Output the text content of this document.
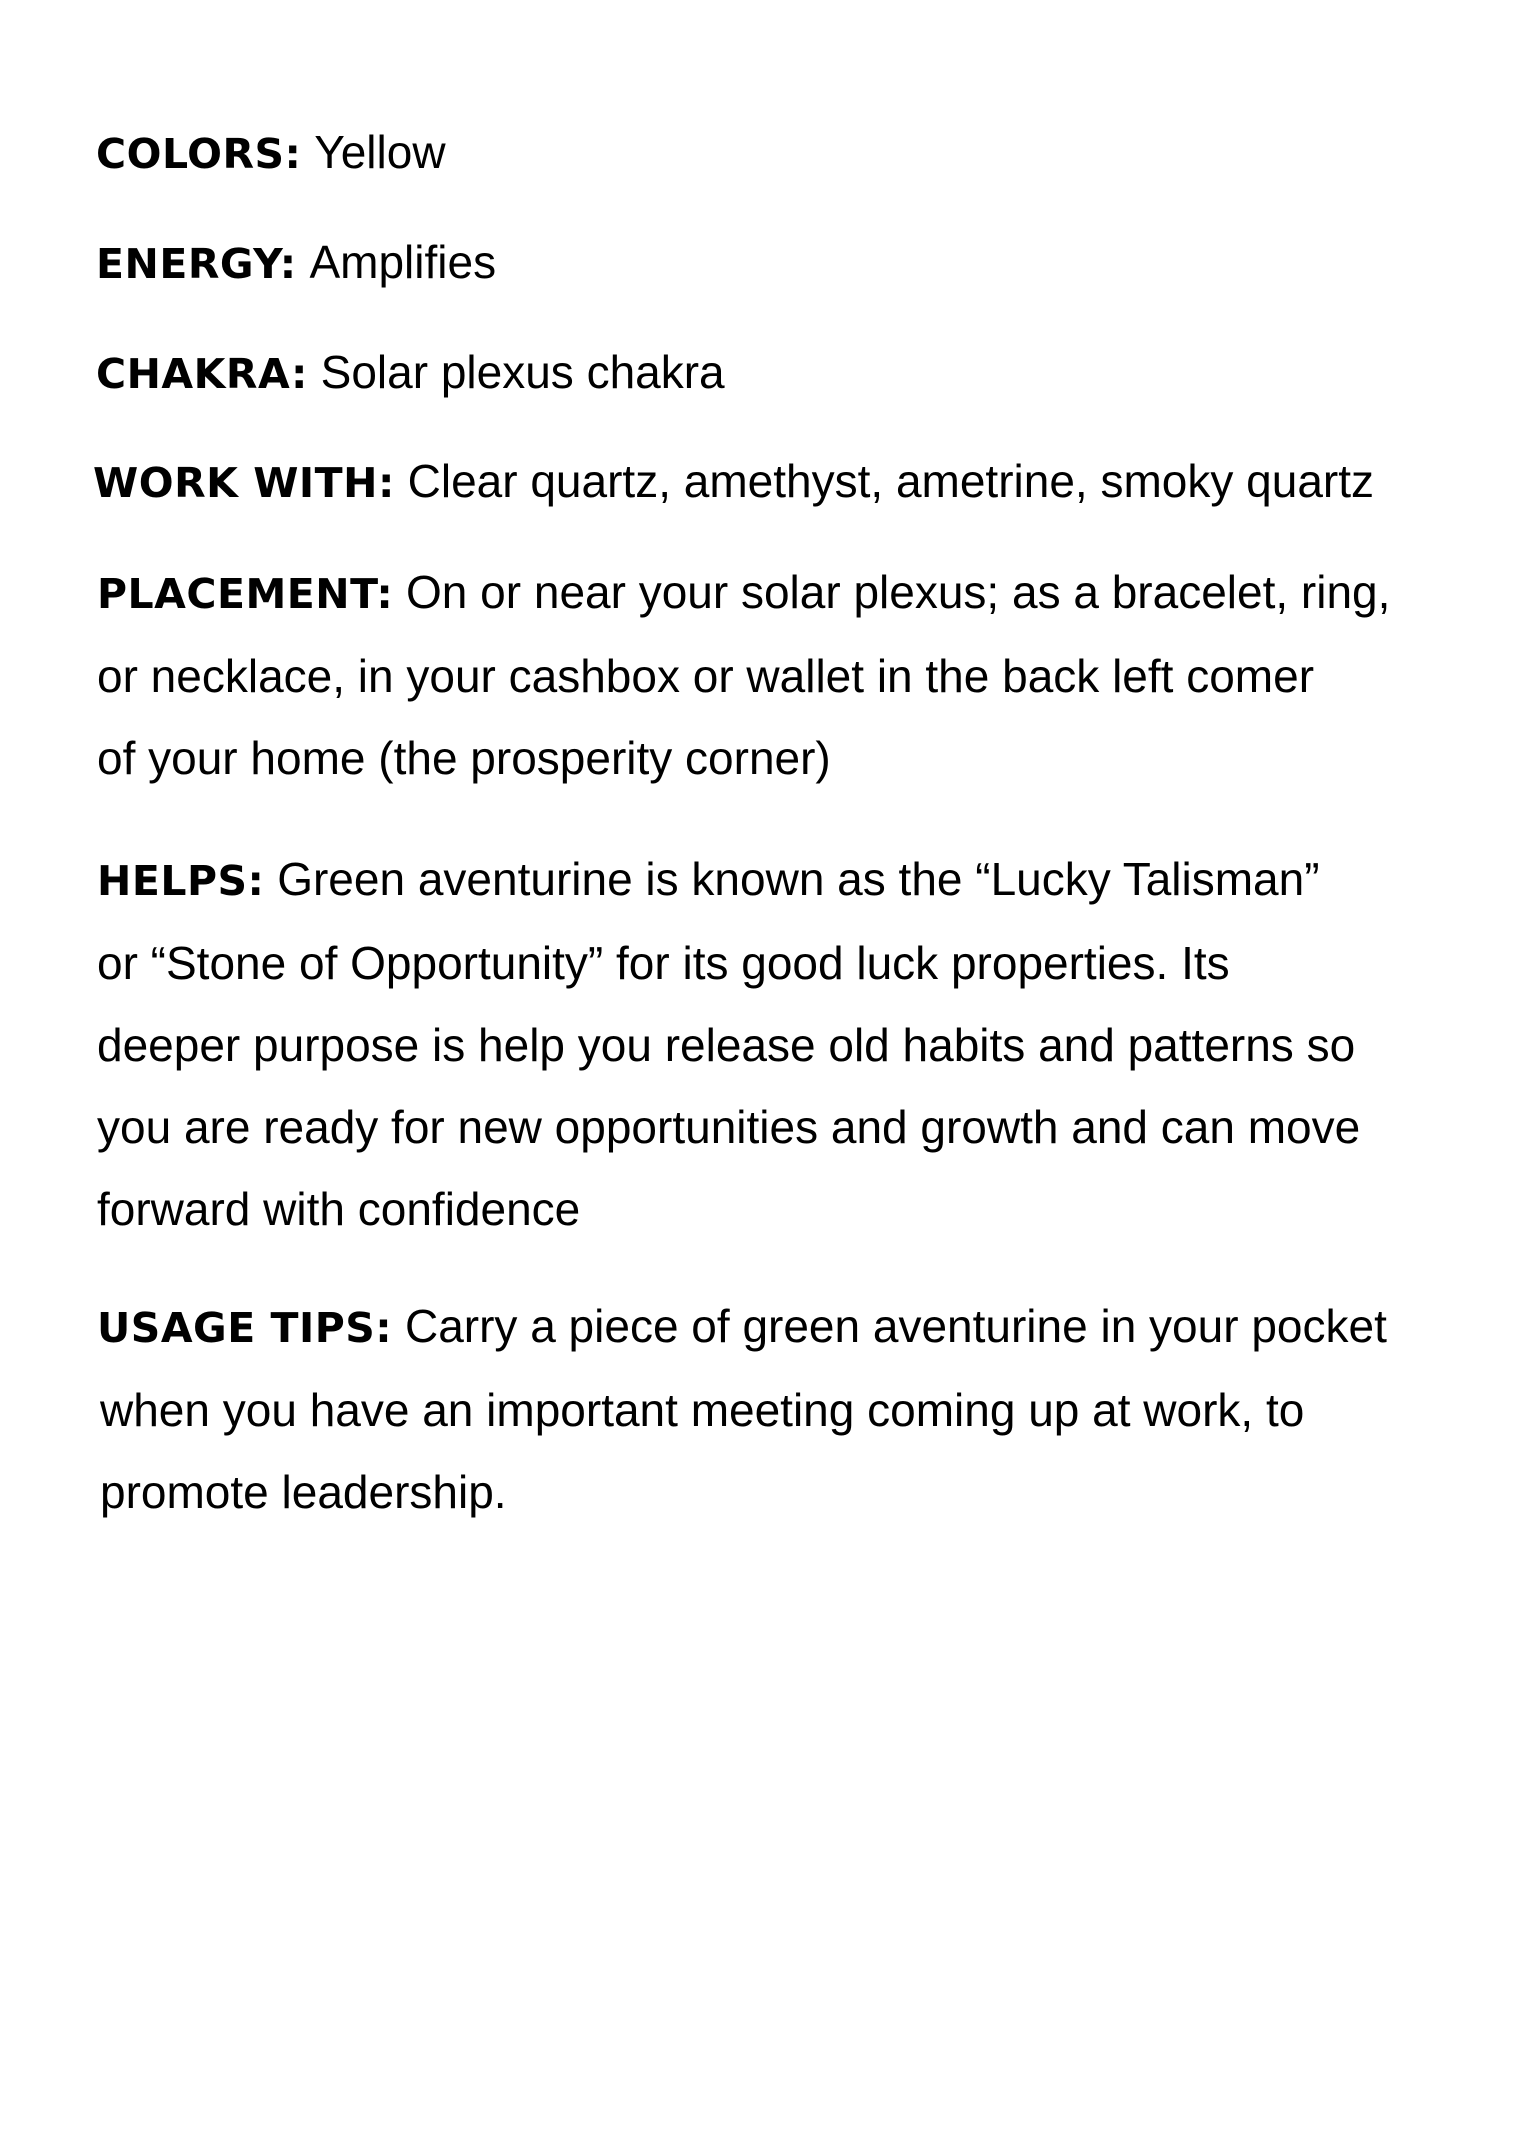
COLORS: Yellow

ENERGY: Amplifies

CHAKRA: Solar plexus chakra

WORK WITH: Clear quartz, amethyst, ametrine, smoky quartz

PLACEMENT: On or near your solar plexus; as a bracelet, ring,
or necklace, in your cashbox or wallet in the back left comer
of your home (the prosperity corner)
HELPS: Green aventurine is known as the “Lucky Talisman”
or “Stone of Opportunity” for its good luck properties. Its
deeper purpose is help you release old habits and patterns so
you are ready for new opportunities and growth and can move
forward with confidence
USAGE TIPS: Carry a piece of green aventurine in your pocket
when you have an important meeting coming up at work, to
promote leadership.
